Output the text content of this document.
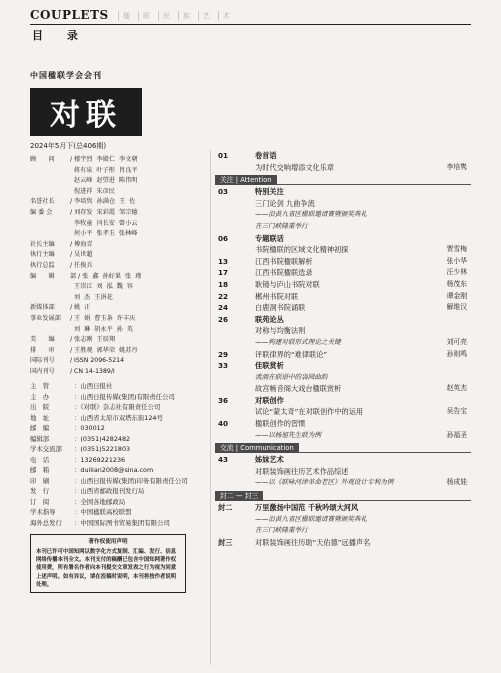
COUPLETS	楹	联	民	族	艺	术
目 录
中国楹联学会会刊
对联
2024年5月下(总406期)
顾　　问	/ 楼宇烈  李殿仁  李文朝
蒋有泉  叶子彤  肖良平
赵云峰  赵望进  陈伟明
倪进祥  朱彦民
名誉社长	/ 李培隽  孙满仓  王  佐
编 委 会	/ 刘存发  宋彩霞  邹宗德
李牧童  闫长安  曾小云
何小平  张孝玉  张林峰
社长主编	/ 傅海青
执行主编	/ 吴世超
执行总监	/ 任俊兵
编　　辑	部 / 张  鑫  孙好果  张  瑾
王崇江  刘  泓  魏  容
刘  杰  王涓花
新媒体部	/ 姚  正
事业发展部	/ 王  娟  曹玉条  许丰庆
刘  琳  胡永平  孙  英
美　　编	/ 张志刚  王辰翔
排　　审	/ 王胜观  郭华荣  姚苏丹
国际刊号	/ ISSN 2096-5214
国内刊号	/ CN 14-1389/I
主　管	：山西日报社
主　办	：山西日报传媒(集团)有限责任公司
出　版	：《对联》杂志社有限责任公司
地　址	：山西省太原市双塔东街124号
邮　编	：030012
编辑部	：(0351)4282482
学术交流部	：(0351)5221803
电　话	：13269221236
邮　箱	：duilian2008@sina.com
印　刷	：山西日报传媒(集团)印务有限责任公司
发　行	：山西省邮政报刊发行局
订　阅	：全国各地邮政局
学术指导	：中国楹联高校联盟
海外总发行	：中国国际图书贸易集团有限公司
著作权使用声明
本刊已许可中国知网以数字化方式复制、汇编、发行、信息网络传播本刊全文。本刊支付的稿酬已包含中国知网著作权使用费，所有署名作者向本刊提交文章发表之行为视为同意上述声明。如有异议，请在投稿时说明，本刊将按作者说明处理。
01	卷首语
为时代交响增添文化乐章	李培隽
关注 | Attention
03	特别关注
三门论剑 九曲争流
——沿黄九省区楹联邀请赛暨颁奖典礼
在三门峡隆重举行
06	专题联话
书院楹联的区域文化精神初探	贾雪梅
13	江西书院楹联解析	张小华
17	江西书院楹联选录	汪少林
18	耿镜与庐山书院对联	杨茂东
22	郴州书院对联	谭金刚
24	白鹿洞书院诵联	解维汉
26	联苑论丛
对称与均衡法则
——构建对联形式理论之关键	刘可亮
29	评联律界的“难律联论”	孙则鸣
33	佳联赏析
流淌在联语中的袅园曲韵
故宫畅音阁大戏台楹联赏析	赵英杰
36	对联创作
试论“蒙太奇”在对联创作中的运用	吴告宝
40	楹联创作的習惯
——以杨旭先生联为例	孙福圣
交流 | Communication
43	姊妹艺术
对联装饰画往历艺术作品综述
——以《联咏河津革命老区》外观设计专利为例	杨成娃
封二 — 封三
封二	万里激扬中国范 千秋吟颂大河风
——沿黄九省区楹联邀请赛暨颁奖典礼
在三门峡隆重举行
封三	对联装饰画往历助“天佑德”远播声名
